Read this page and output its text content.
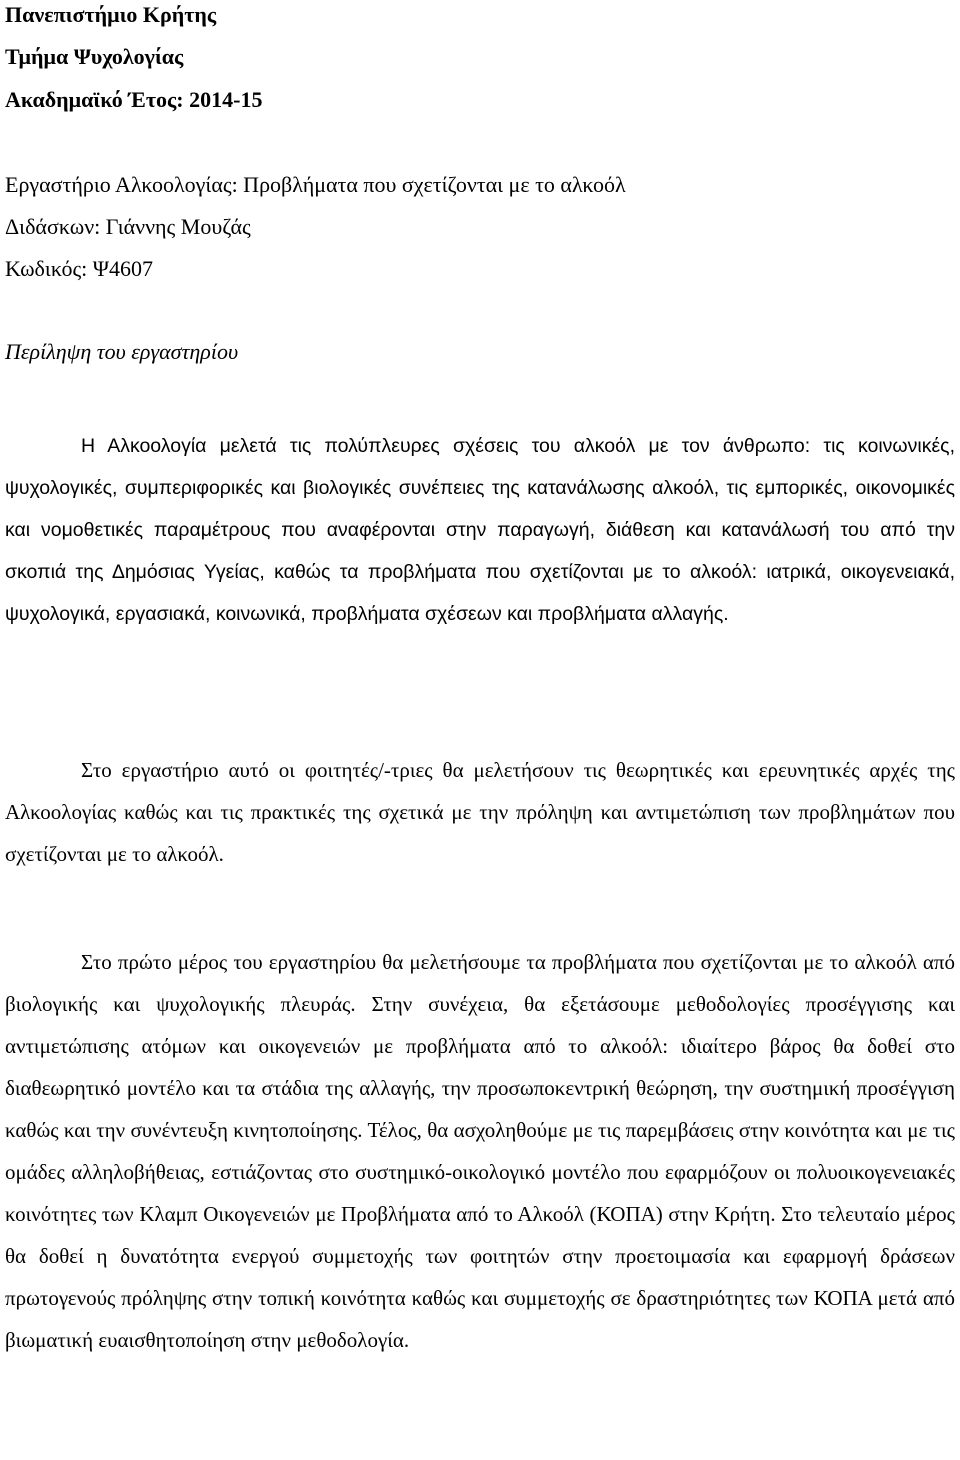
Πανεπιστήμιο Κρήτης
Τμήμα Ψυχολογίας
Ακαδημαϊκό Έτος: 2014-15
Εργαστήριο Αλκοολογίας: Προβλήματα που σχετίζονται με το αλκοόλ
Διδάσκων: Γιάννης Μουζάς
Κωδικός: Ψ4607
Περίληψη του εργαστηρίου

Η Αλκοολογία μελετά τις πολύπλευρες σχέσεις του αλκοόλ με τον άνθρωπο: τις κοινωνικές, ψυχολογικές, συμπεριφορικές και βιολογικές συνέπειες της κατανάλωσης αλκοόλ, τις εμπορικές, οικονομικές και νομοθετικές παραμέτρους που αναφέρονται στην παραγωγή, διάθεση και κατανάλωσή του από την σκοπιά της Δημόσιας Υγείας, καθώς τα προβλήματα που σχετίζονται με το αλκοόλ: ιατρικά, οικογενειακά, ψυχολογικά, εργασιακά, κοινωνικά, προβλήματα σχέσεων και προβλήματα αλλαγής.

Στο εργαστήριο αυτό οι φοιτητές/-τριες θα μελετήσουν τις θεωρητικές και ερευνητικές αρχές της Αλκοολογίας καθώς και τις πρακτικές της σχετικά με την πρόληψη και αντιμετώπιση των προβλημάτων που σχετίζονται με το αλκοόλ.

Στο πρώτο μέρος του εργαστηρίου θα μελετήσουμε τα προβλήματα που σχετίζονται με το αλκοόλ από βιολογικής και ψυχολογικής πλευράς. Στην συνέχεια, θα εξετάσουμε μεθοδολογίες προσέγγισης και αντιμετώπισης ατόμων και οικογενειών με προβλήματα από το αλκοόλ: ιδιαίτερο βάρος θα δοθεί στο διαθεωρητικό μοντέλο και τα στάδια της αλλαγής, την προσωποκεντρική θεώρηση, την συστημική προσέγγιση καθώς και την συνέντευξη κινητοποίησης. Τέλος, θα ασχοληθούμε με τις παρεμβάσεις στην κοινότητα και με τις ομάδες αλληλοβήθειας, εστιάζοντας στο συστημικό-οικολογικό μοντέλο που εφαρμόζουν οι πολυοικογενειακές κοινότητες των Κλαμπ Οικογενειών με Προβλήματα από το Αλκοόλ (ΚΟΠΑ) στην Κρήτη. Στο τελευταίο μέρος θα δοθεί η δυνατότητα ενεργού συμμετοχής των φοιτητών στην προετοιμασία και εφαρμογή δράσεων πρωτογενούς πρόληψης στην τοπική κοινότητα καθώς και συμμετοχής σε δραστηριότητες των ΚΟΠΑ μετά από βιωματική ευαισθητοποίηση στην μεθοδολογία.
